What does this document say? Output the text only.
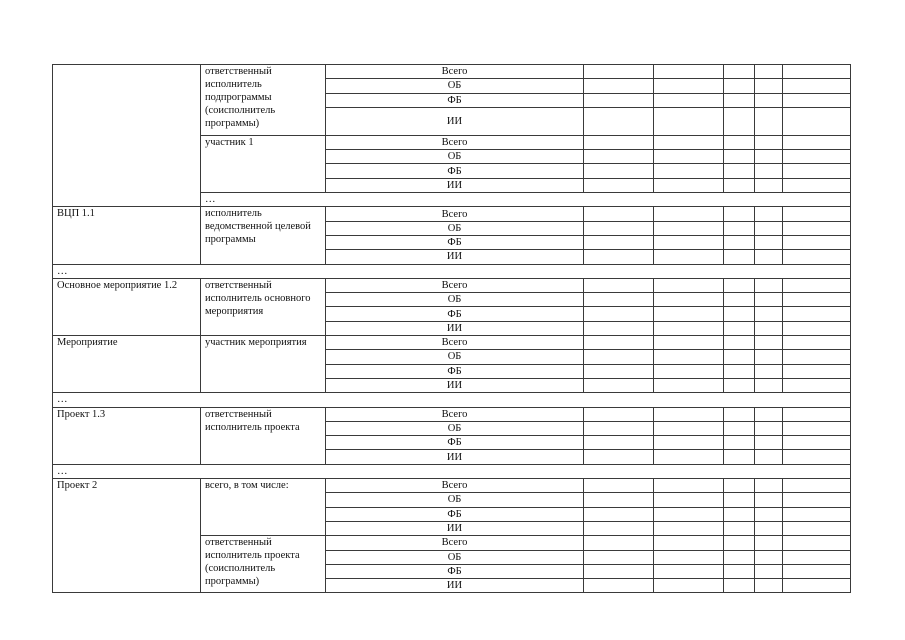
	ответственный исполнитель подпрограммы (соисполнитель программы)	Всего					
		ОБ					
		ФБ					
		ИИ					
	участник 1	Всего					
		ОБ					
		ФБ					
		ИИ					
	…						
ВЦП 1.1	исполнитель ведомственной целевой программы	Всего					
		ОБ					
		ФБ					
		ИИ					
…							
Основное мероприятие 1.2	ответственный исполнитель основного мероприятия	Всего					
		ОБ					
		ФБ					
		ИИ					
Мероприятие	участник мероприятия	Всего					
		ОБ					
		ФБ					
		ИИ					
…							
Проект 1.3	ответственный исполнитель проекта	Всего					
		ОБ					
		ФБ					
		ИИ					
…							
Проект 2	всего, в том числе:	Всего					
		ОБ					
		ФБ					
		ИИ					
	ответственный исполнитель проекта (соисполнитель программы)	Всего					
		ОБ					
		ФБ					
		ИИ					
